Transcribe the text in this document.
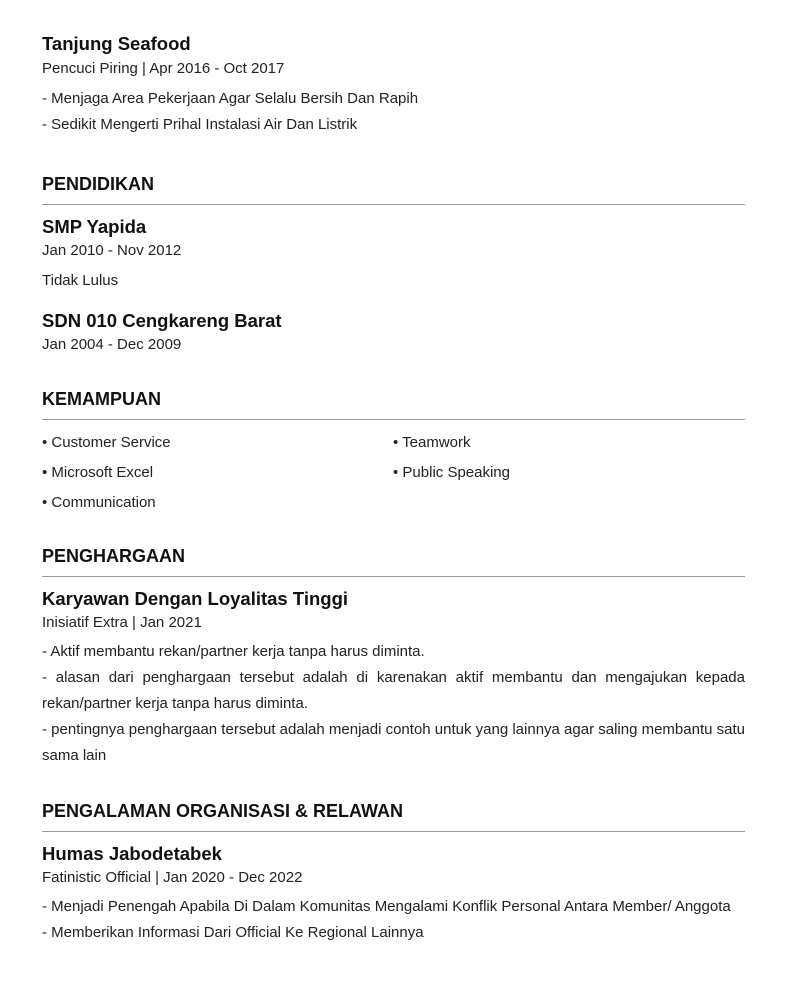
Tanjung Seafood

Pencuci Piring | Apr 2016 - Oct 2017

- Menjaga Area Pekerjaan Agar Selalu Bersih Dan Rapih

- Sedikit Mengerti Prihal Instalasi Air Dan Listrik

PENDIDIKAN

SMP Yapida

Jan 2010 - Nov 2012

Tidak Lulus

SDN 010 Cengkareng Barat

Jan 2004 - Dec 2009

KEMAMPUAN

• Customer Service	• Teamwork
• Microsoft Excel	• Public Speaking
• Communication

PENGHARGAAN

Karyawan Dengan Loyalitas Tinggi

Inisiatif Extra | Jan 2021

- Aktif membantu rekan/partner kerja tanpa harus diminta.

- alasan dari penghargaan tersebut adalah di karenakan aktif membantu dan mengajukan kepada rekan/partner kerja tanpa harus diminta.

- pentingnya penghargaan tersebut adalah menjadi contoh untuk yang lainnya agar saling membantu satu sama lain

PENGALAMAN ORGANISASI & RELAWAN

Humas Jabodetabek

Fatinistic Official | Jan 2020 - Dec 2022

- Menjadi Penengah Apabila Di Dalam Komunitas Mengalami Konflik Personal Antara Member/ Anggota

- Memberikan Informasi Dari Official Ke Regional Lainnya
